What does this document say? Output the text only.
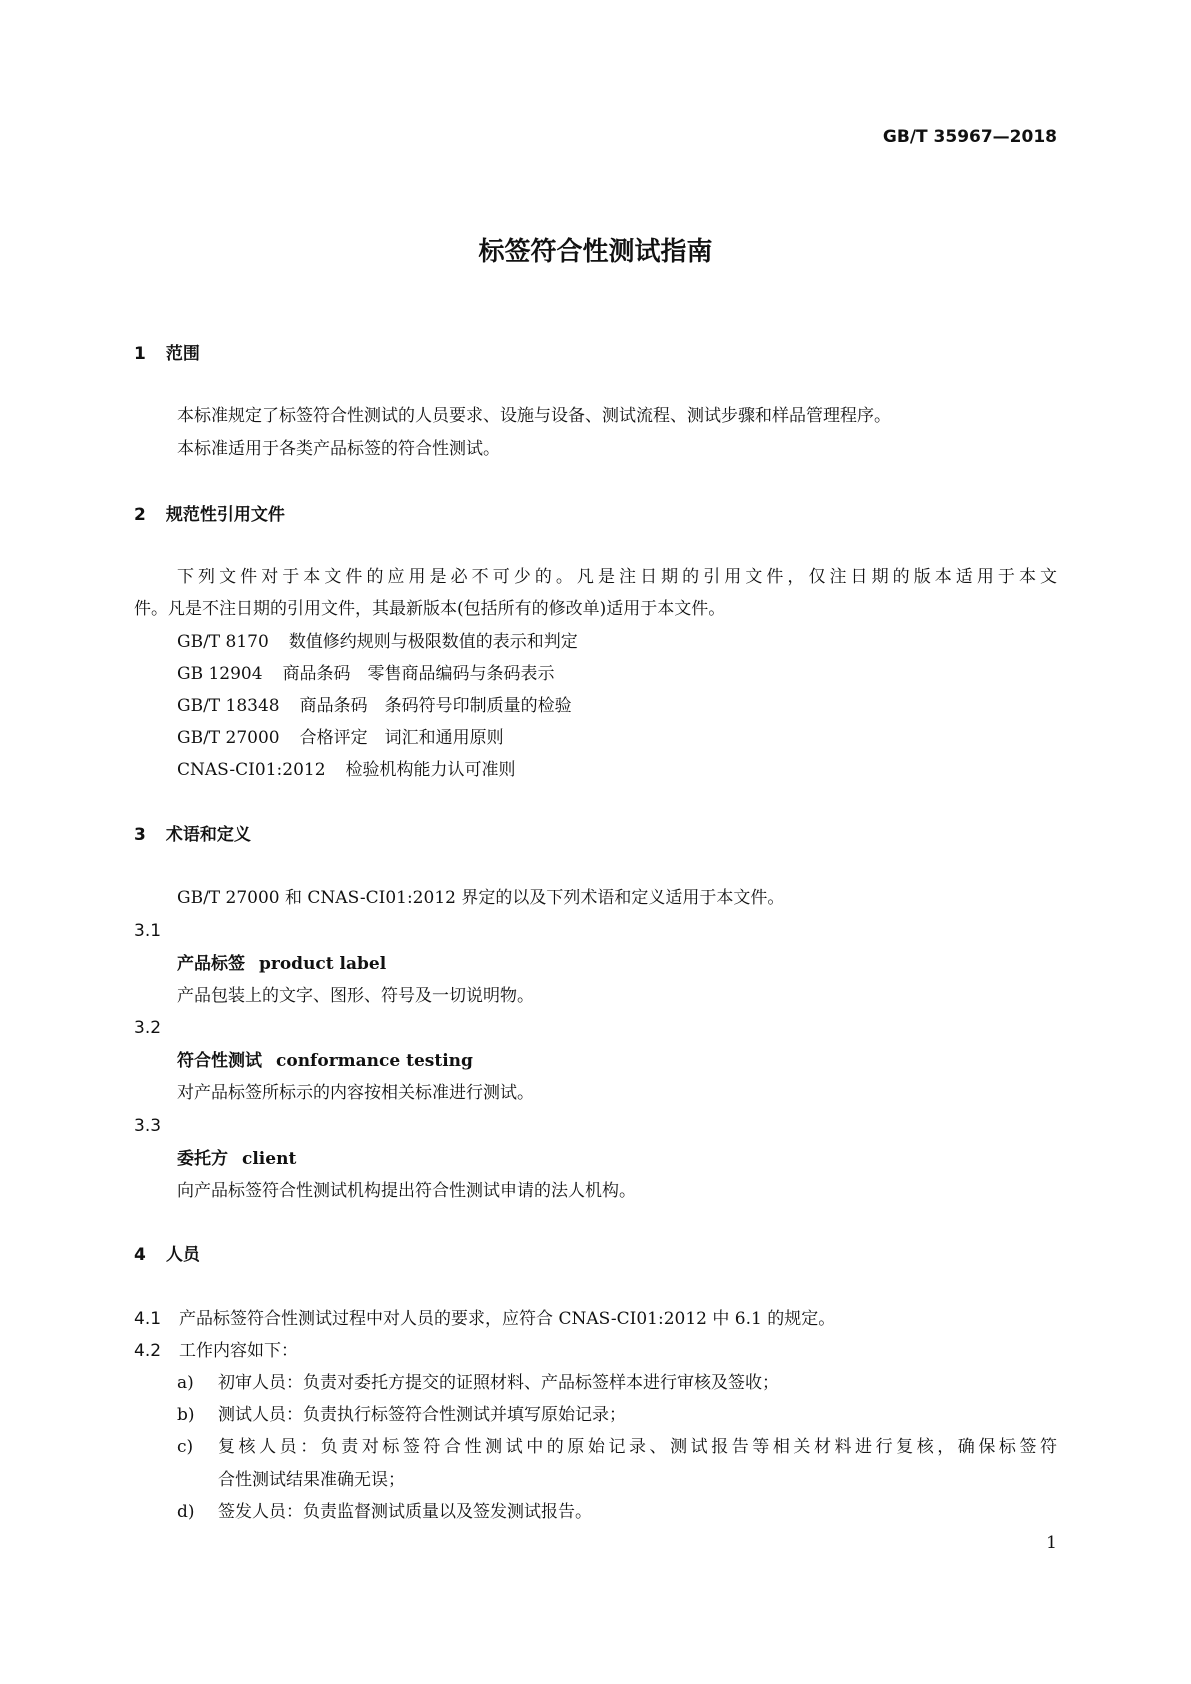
GB/T 35967—2018
标签符合性测试指南
1 范围
本标准规定了标签符合性测试的人员要求、设施与设备、测试流程、测试步骤和样品管理程序。
本标准适用于各类产品标签的符合性测试。
2 规范性引用文件
下列文件对于本文件的应用是必不可少的。凡是注日期的引用文件，仅注日期的版本适用于本文
件。凡是不注日期的引用文件，其最新版本(包括所有的修改单)适用于本文件。
GB/T 8170 数值修约规则与极限数值的表示和判定
GB 12904 商品条码　零售商品编码与条码表示
GB/T 18348 商品条码　条码符号印制质量的检验
GB/T 27000 合格评定　词汇和通用原则
CNAS-CI01:2012 检验机构能力认可准则
3 术语和定义
GB/T 27000 和 CNAS-CI01:2012 界定的以及下列术语和定义适用于本文件。
3.1
产品标签 product label
产品包装上的文字、图形、符号及一切说明物。
3.2
符合性测试 conformance testing
对产品标签所标示的内容按相关标准进行测试。
3.3
委托方 client
向产品标签符合性测试机构提出符合性测试申请的法人机构。
4 人员
4.1 产品标签符合性测试过程中对人员的要求，应符合 CNAS-CI01:2012 中 6.1 的规定。
4.2 工作内容如下：
a) 初审人员：负责对委托方提交的证照材料、产品标签样本进行审核及签收；
b) 测试人员：负责执行标签符合性测试并填写原始记录；
c) 复核人员：负责对标签符合性测试中的原始记录、测试报告等相关材料进行复核，确保标签符
合性测试结果准确无误；
d) 签发人员：负责监督测试质量以及签发测试报告。
1
